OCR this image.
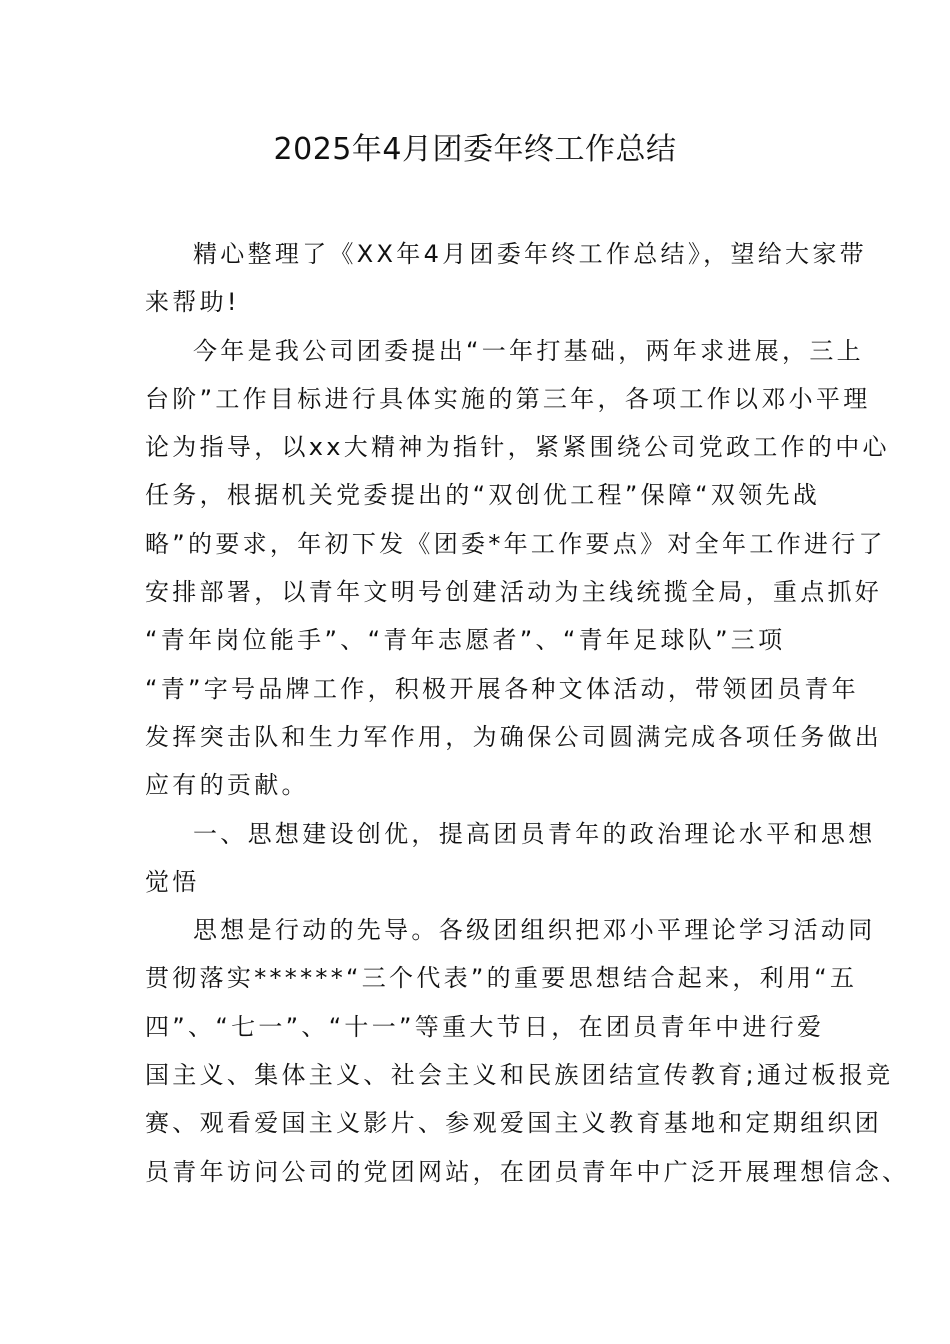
2025年4月团委年终工作总结
精心整理了《XX年4月团委年终工作总结》，望给大家带
来帮助!
今年是我公司团委提出“一年打基础，两年求进展，三上
台阶”工作目标进行具体实施的第三年，各项工作以邓小平理
论为指导，以xx大精神为指针，紧紧围绕公司党政工作的中心
任务，根据机关党委提出的“双创优工程”保障“双领先战
略”的要求，年初下发《团委*年工作要点》对全年工作进行了
安排部署，以青年文明号创建活动为主线统揽全局，重点抓好
“青年岗位能手”、“青年志愿者”、“青年足球队”三项
“青”字号品牌工作，积极开展各种文体活动，带领团员青年
发挥突击队和生力军作用，为确保公司圆满完成各项任务做出
应有的贡献。
一、思想建设创优，提高团员青年的政治理论水平和思想
觉悟
思想是行动的先导。各级团组织把邓小平理论学习活动同
贯彻落实******“三个代表”的重要思想结合起来，利用“五
四”、“七一”、“十一”等重大节日，在团员青年中进行爱
国主义、集体主义、社会主义和民族团结宣传教育;通过板报竞
赛、观看爱国主义影片、参观爱国主义教育基地和定期组织团
员青年访问公司的党团网站，在团员青年中广泛开展理想信念、
